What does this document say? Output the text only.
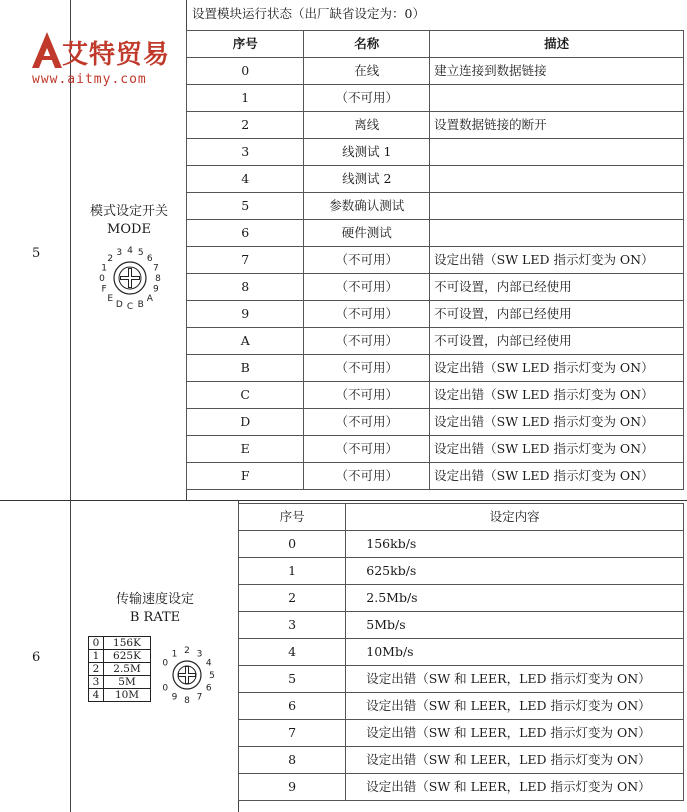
艾特贸易
www.aitmy.com
5
模式设定开关
MODE
0
1
2
3 4 5
6
7
8
9
A
B
C
D
E
F
设置模块运行状态（出厂缺省设定为：0）
序号	名称	描述
0	在线	建立连接到数据链接
1	（不可用）	
2	离线	设置数据链接的断开
3	线测试 1	
4	线测试 2	
5	参数确认测试	
6	硬件测试	
7	（不可用）	设定出错（SW LED 指示灯变为 ON）
8	（不可用）	不可设置，内部已经使用
9	（不可用）	不可设置，内部已经使用
A	（不可用）	不可设置，内部已经使用
B	（不可用）	设定出错（SW LED 指示灯变为 ON）
C	（不可用）	设定出错（SW LED 指示灯变为 ON）
D	（不可用）	设定出错（SW LED 指示灯变为 ON）
E	（不可用）	设定出错（SW LED 指示灯变为 ON）
F	（不可用）	设定出错（SW LED 指示灯变为 ON）
6
传输速度设定
B RATE
0	156K
1	625K
2	2.5M
3	5M
4	10M
0
1 2 3
4
5
6
7
8
9
0
序号	设定内容
0	156kb/s
1	625kb/s
2	2.5Mb/s
3	5Mb/s
4	10Mb/s
5	设定出错（SW 和 LEER，LED 指示灯变为 ON）
6	设定出错（SW 和 LEER，LED 指示灯变为 ON）
7	设定出错（SW 和 LEER，LED 指示灯变为 ON）
8	设定出错（SW 和 LEER，LED 指示灯变为 ON）
9	设定出错（SW 和 LEER，LED 指示灯变为 ON）
